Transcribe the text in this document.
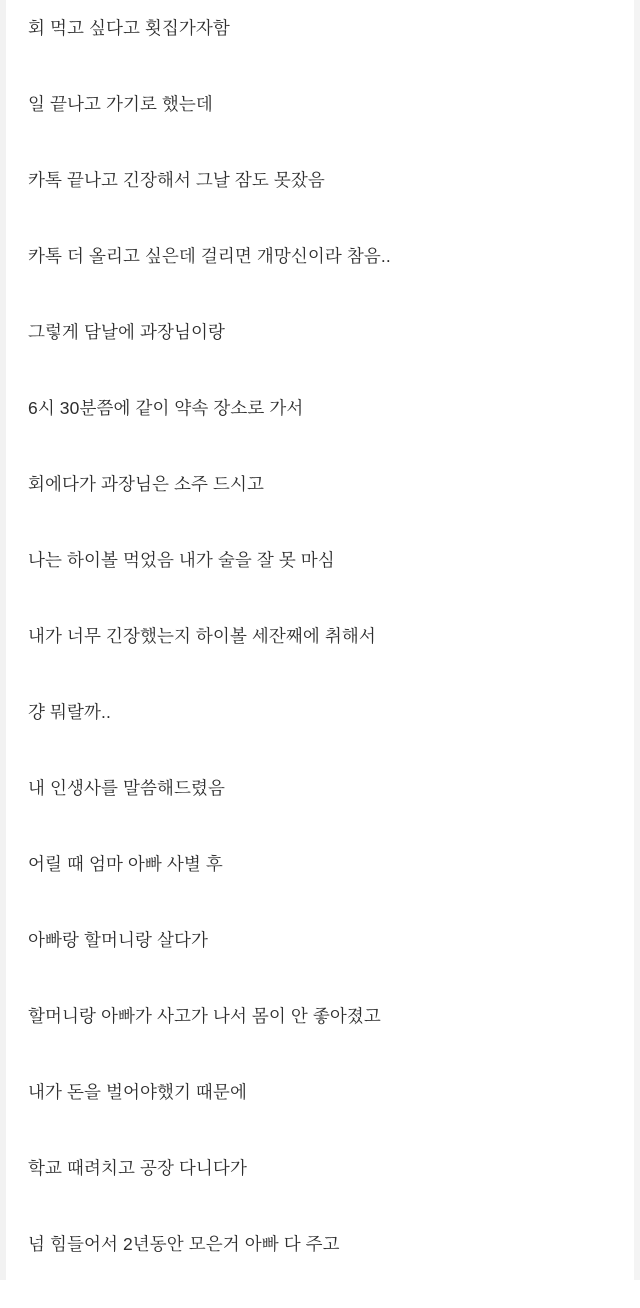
회 먹고 싶다고 횟집가자함

일 끝나고 가기로 했는데

카톡 끝나고 긴장해서 그날 잠도 못잤음

카톡 더 올리고 싶은데 걸리면 개망신이라 참음..

그렇게 담날에 과장님이랑

6시 30분쯤에 같이 약속 장소로 가서

회에다가 과장님은 소주 드시고

나는 하이볼 먹었음 내가 술을 잘 못 마심

내가 너무 긴장했는지 하이볼 세잔째에 취해서

걍 뭐랄까..

내 인생사를 말씀해드렸음

어릴 때 엄마 아빠 사별 후

아빠랑 할머니랑 살다가

할머니랑 아빠가 사고가 나서 몸이 안 좋아졌고

내가 돈을 벌어야했기 때문에

학교 때려치고 공장 다니다가

넘 힘들어서 2년동안 모은거 아빠 다 주고
